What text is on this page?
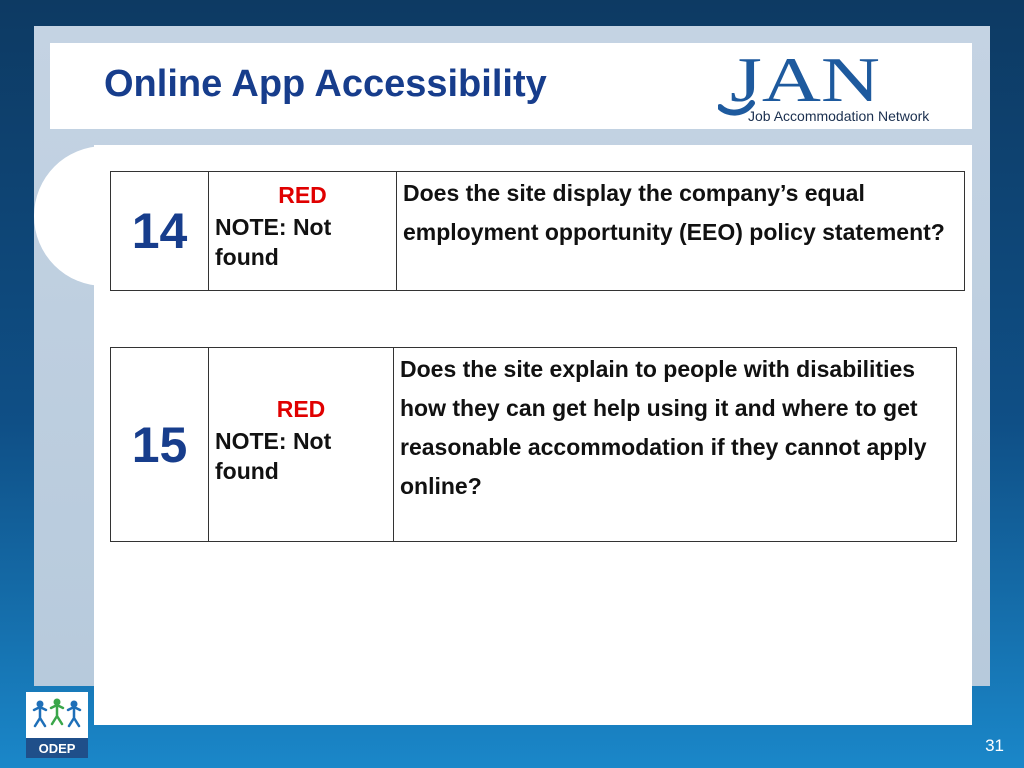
Online App Accessibility	JAN
Job Accommodation Network
14
RED
NOTE: Not found
Does the site display the company’s equal employment opportunity (EEO) policy statement?
15
RED
NOTE: Not found
Does the site explain to people with disabilities how they can get help using it and where to get reasonable accommodation if they cannot apply online?
ODEP	31
